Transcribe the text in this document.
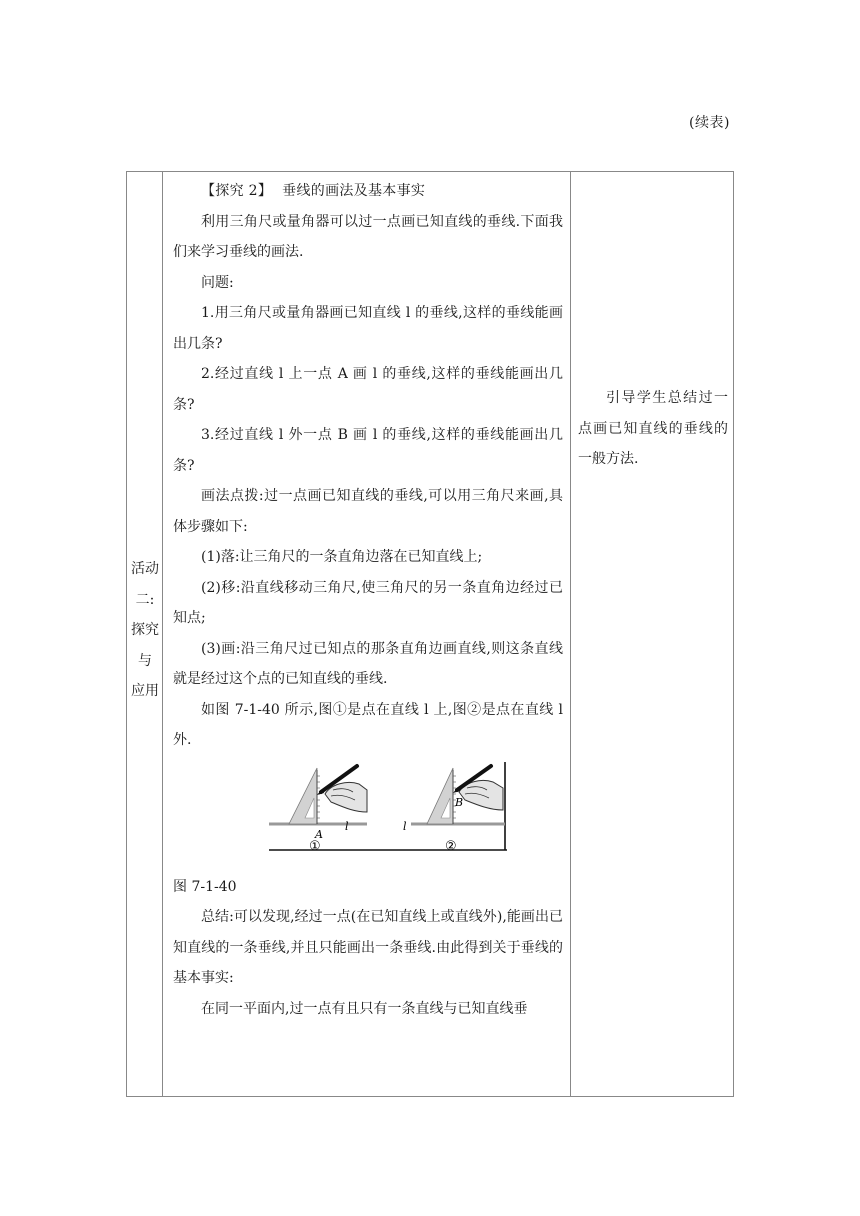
(续表)
活动
二:
探究
与
应用

【探究 2】 垂线的画法及基本事实

利用三角尺或量角器可以过一点画已知直线的垂线.下面我们来学习垂线的画法.

问题:

1.用三角尺或量角器画已知直线 l 的垂线,这样的垂线能画出几条?

2.经过直线 l 上一点 A 画 l 的垂线,这样的垂线能画出几条?

3.经过直线 l 外一点 B 画 l 的垂线,这样的垂线能画出几条?

画法点拨:过一点画已知直线的垂线,可以用三角尺来画,具体步骤如下:

(1)落:让三角尺的一条直角边落在已知直线上;

(2)移:沿直线移动三角尺,使三角尺的另一条直角边经过已知点;

(3)画:沿三角尺过已知点的那条直角边画直线,则这条直线就是经过这个点的已知直线的垂线.

如图 7-1-40 所示,图①是点在直线 l 上,图②是点在直线 l 外.

A
l
①
B
l
②

图 7-1-40

总结:可以发现,经过一点(在已知直线上或直线外),能画出已知直线的一条垂线,并且只能画出一条垂线.由此得到关于垂线的基本事实:

在同一平面内,过一点有且只有一条直线与已知直线垂

引导学生总结过一点画已知直线的垂线的一般方法.
